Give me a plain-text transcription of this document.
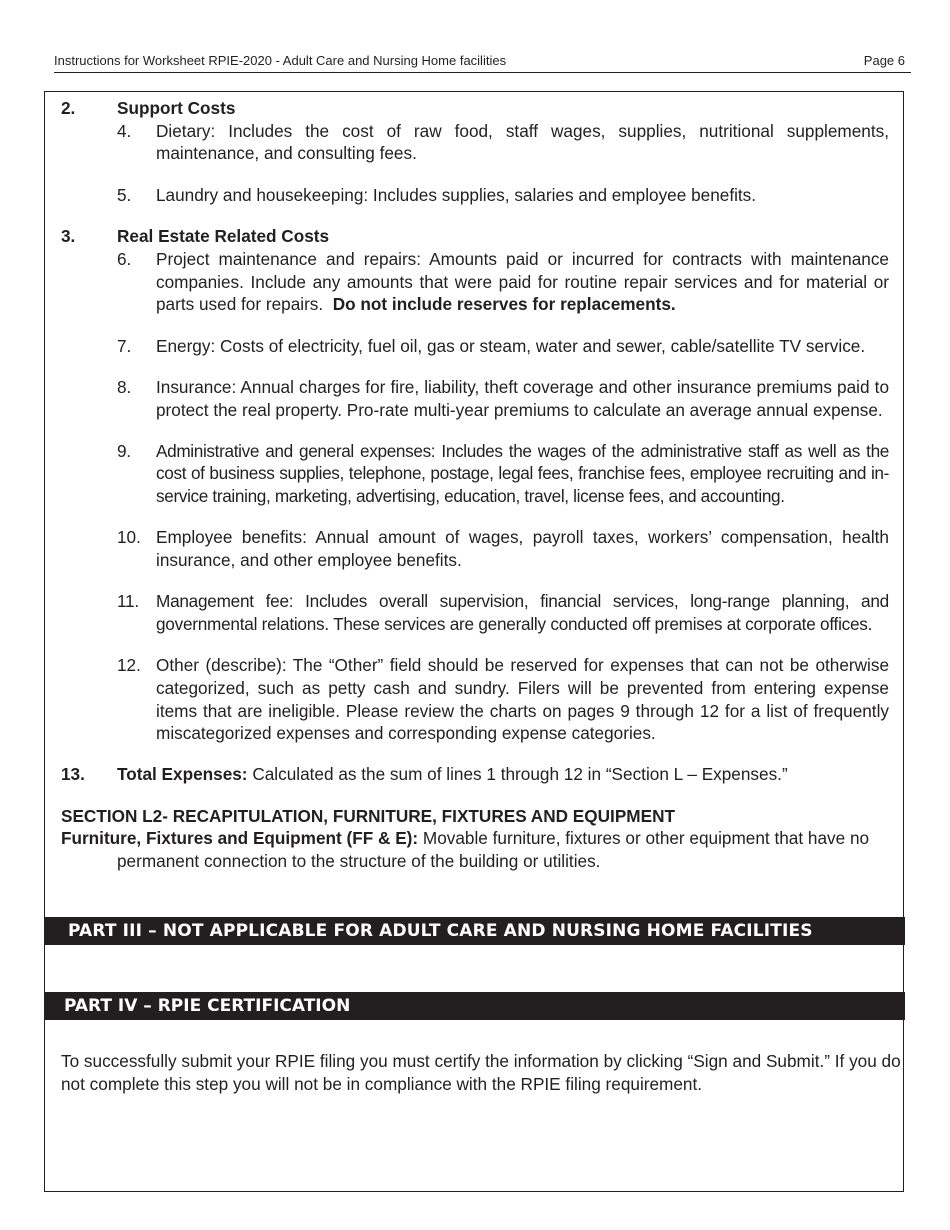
Instructions for Worksheet RPIE-2020 - Adult Care and Nursing Home facilities	Page 6
2. Support Costs
4. Dietary: Includes the cost of raw food, staff wages, supplies, nutritional supplements, maintenance, and consulting fees.
5. Laundry and housekeeping: Includes supplies, salaries and employee benefits.
3. Real Estate Related Costs
6. Project maintenance and repairs: Amounts paid or incurred for contracts with maintenance companies. Include any amounts that were paid for routine repair services and for material or parts used for repairs. Do not include reserves for replacements.
7. Energy: Costs of electricity, fuel oil, gas or steam, water and sewer, cable/satellite TV service.
8. Insurance: Annual charges for fire, liability, theft coverage and other insurance premiums paid to protect the real property. Pro-rate multi-year premiums to calculate an average annual expense.
9. Administrative and general expenses: Includes the wages of the administrative staff as well as the cost of business supplies, telephone, postage, legal fees, franchise fees, employee recruiting and in-service training, marketing, advertising, education, travel, license fees, and accounting.
10. Employee benefits: Annual amount of wages, payroll taxes, workers’ compensation, health insurance, and other employee benefits.
11. Management fee: Includes overall supervision, financial services, long-range planning, and governmental relations. These services are generally conducted off premises at corporate offices.
12. Other (describe): The “Other” field should be reserved for expenses that can not be otherwise categorized, such as petty cash and sundry. Filers will be prevented from entering expense items that are ineligible. Please review the charts on pages 9 through 12 for a list of frequently miscategorized expenses and corresponding expense categories.
13. Total Expenses: Calculated as the sum of lines 1 through 12 in “Section L – Expenses.”
SECTION L2- RECAPITULATION, FURNITURE, FIXTURES AND EQUIPMENT
Furniture, Fixtures and Equipment (FF & E): Movable furniture, fixtures or other equipment that have no permanent connection to the structure of the building or utilities.
PART III – NOT APPLICABLE FOR ADULT CARE AND NURSING HOME FACILITIES
PART IV – RPIE CERTIFICATION
To successfully submit your RPIE filing you must certify the information by clicking “Sign and Submit.” If you do not complete this step you will not be in compliance with the RPIE filing requirement.
